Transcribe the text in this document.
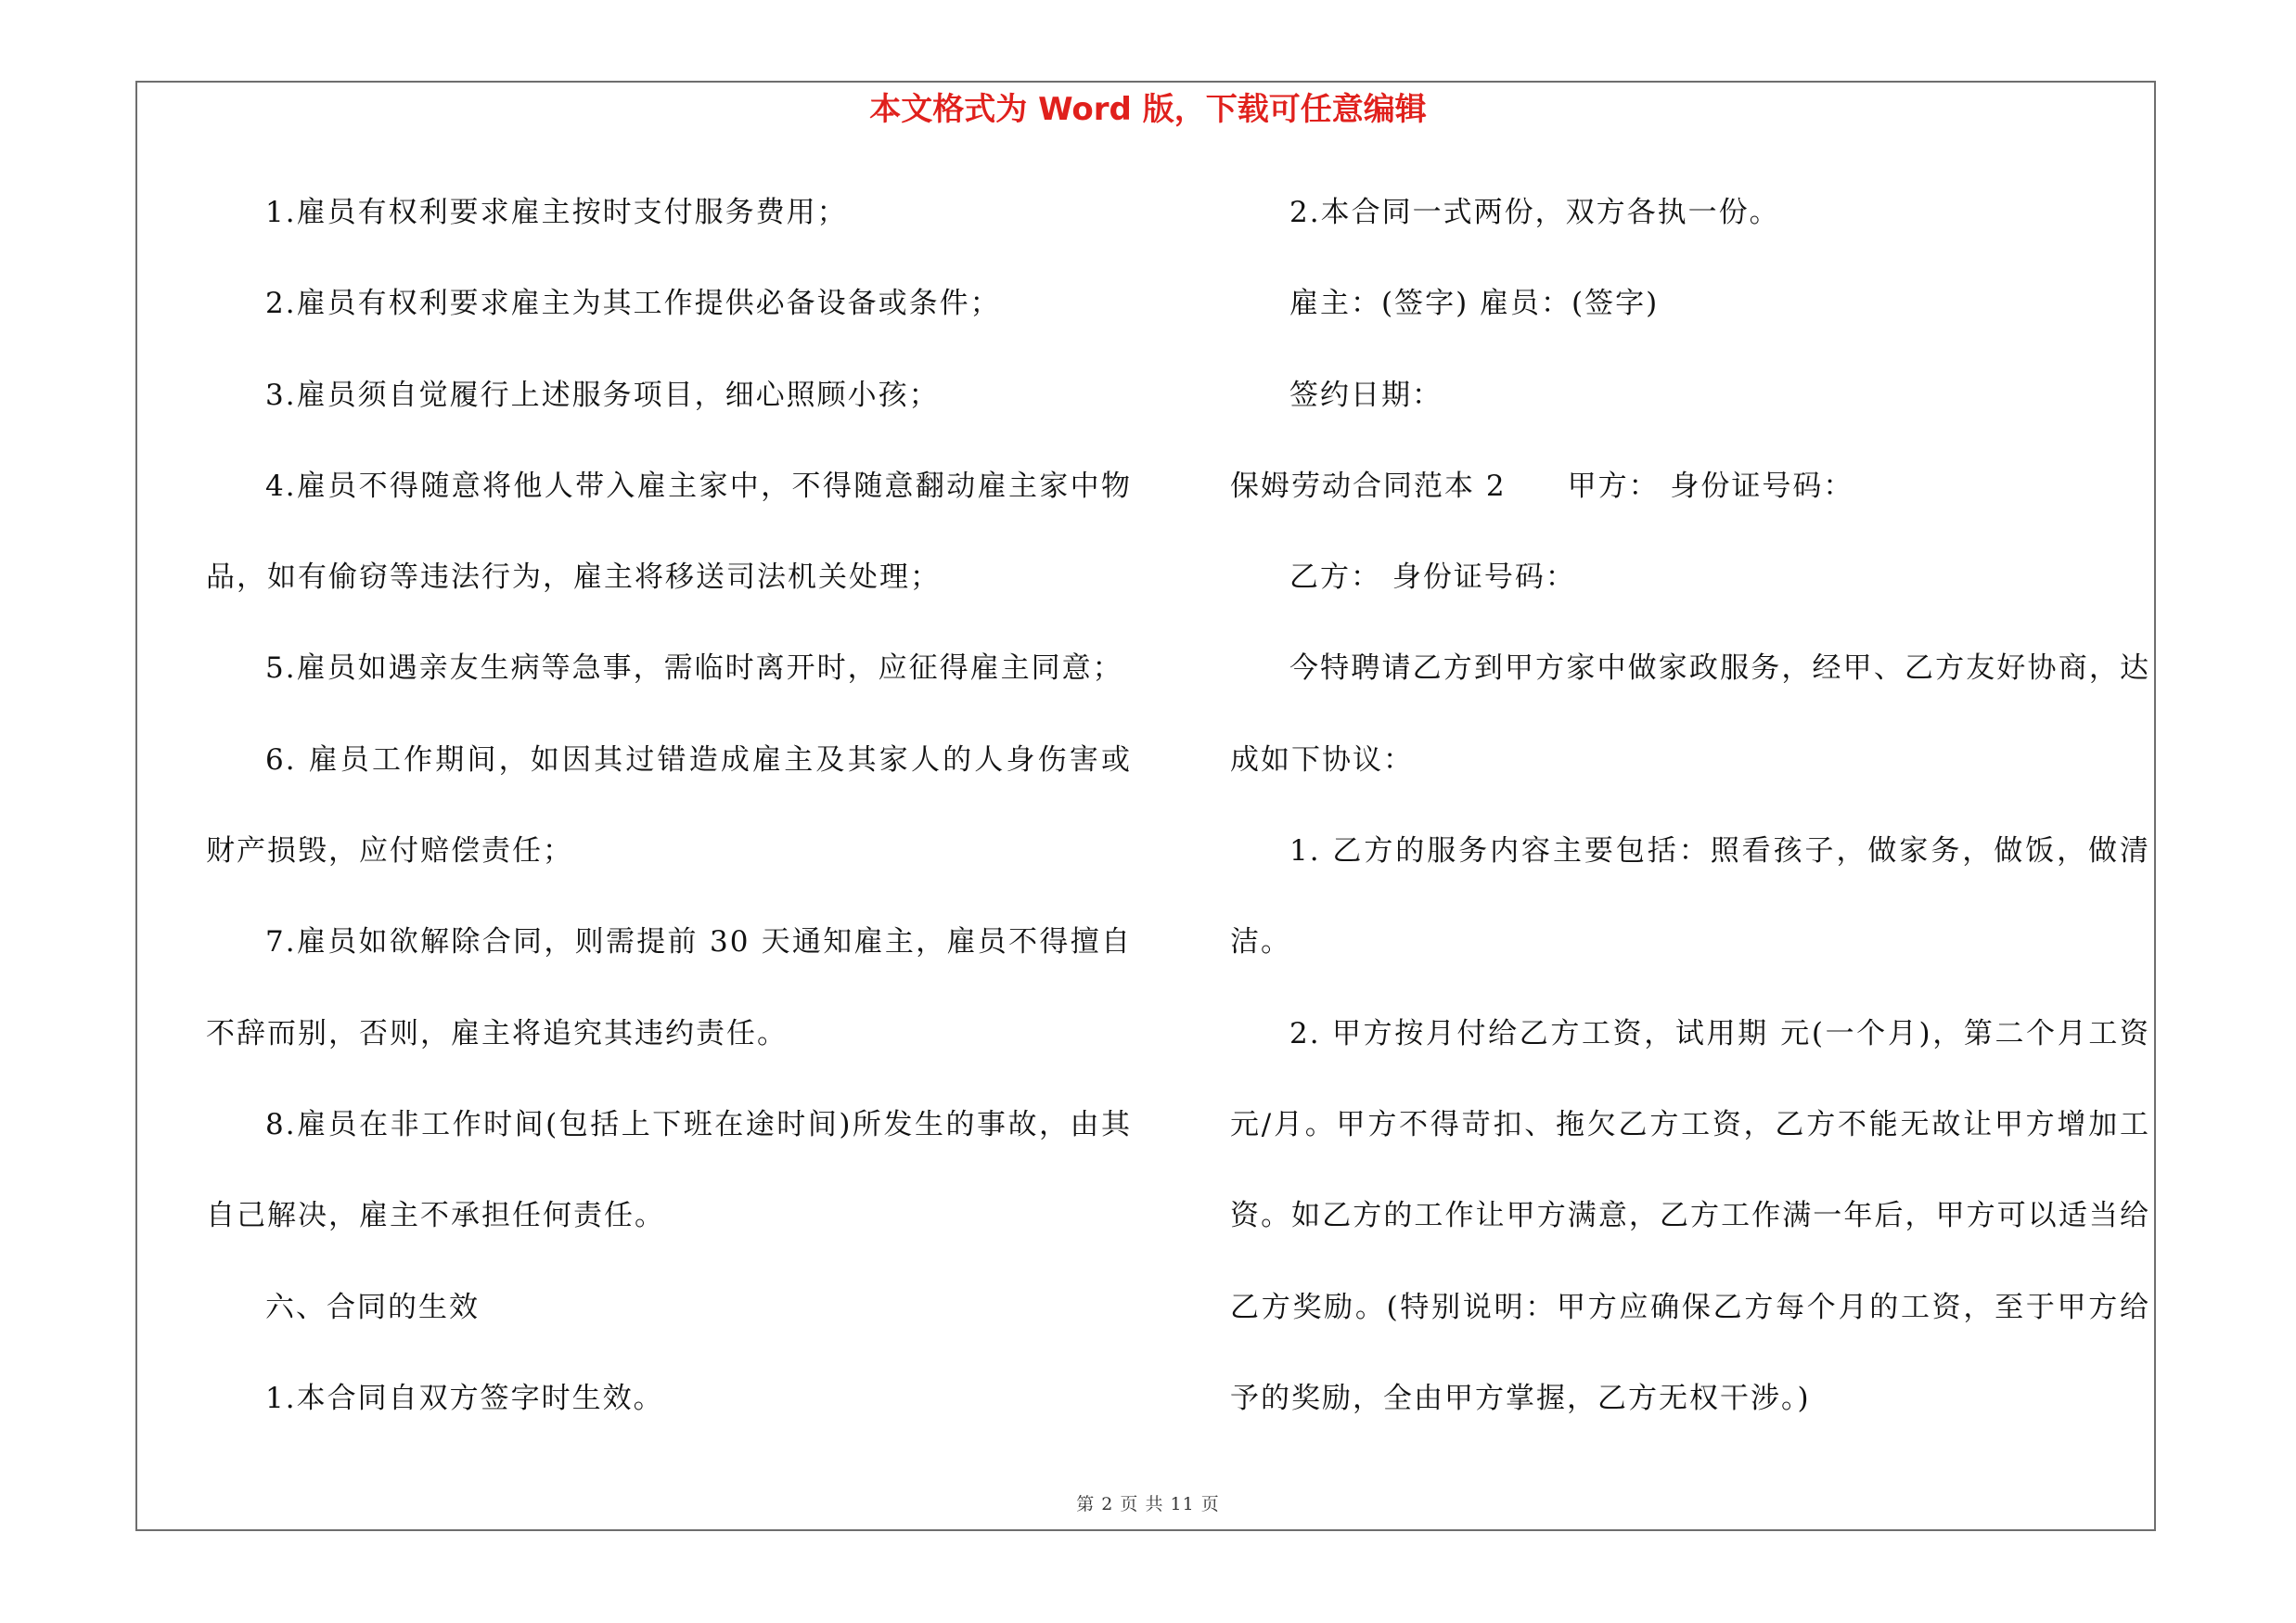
本文格式为 Word 版，下载可任意编辑
1.雇员有权利要求雇主按时支付服务费用；
2.雇员有权利要求雇主为其工作提供必备设备或条件；
3.雇员须自觉履行上述服务项目，细心照顾小孩；
4.雇员不得随意将他人带入雇主家中，不得随意翻动雇主家中物
品，如有偷窃等违法行为，雇主将移送司法机关处理；
5.雇员如遇亲友生病等急事，需临时离开时，应征得雇主同意；
6. 雇员工作期间，如因其过错造成雇主及其家人的人身伤害或
财产损毁，应付赔偿责任；
7.雇员如欲解除合同，则需提前 30 天通知雇主，雇员不得擅自
不辞而别，否则，雇主将追究其违约责任。
8.雇员在非工作时间(包括上下班在途时间)所发生的事故，由其
自己解决，雇主不承担任何责任。
六、合同的生效
1.本合同自双方签字时生效。
2.本合同一式两份，双方各执一份。
雇主：(签字) 雇员：(签字)
签约日期：
保姆劳动合同范本 2　　甲方： 身份证号码：
乙方： 身份证号码：
今特聘请乙方到甲方家中做家政服务，经甲、乙方友好协商，达
成如下协议：
1. 乙方的服务内容主要包括：照看孩子，做家务，做饭，做清
洁。
2. 甲方按月付给乙方工资，试用期 元(一个月)，第二个月工资
元/月。甲方不得苛扣、拖欠乙方工资，乙方不能无故让甲方增加工
资。如乙方的工作让甲方满意，乙方工作满一年后，甲方可以适当给
乙方奖励。(特别说明：甲方应确保乙方每个月的工资，至于甲方给
予的奖励，全由甲方掌握，乙方无权干涉。)
第 2 页 共 11 页
